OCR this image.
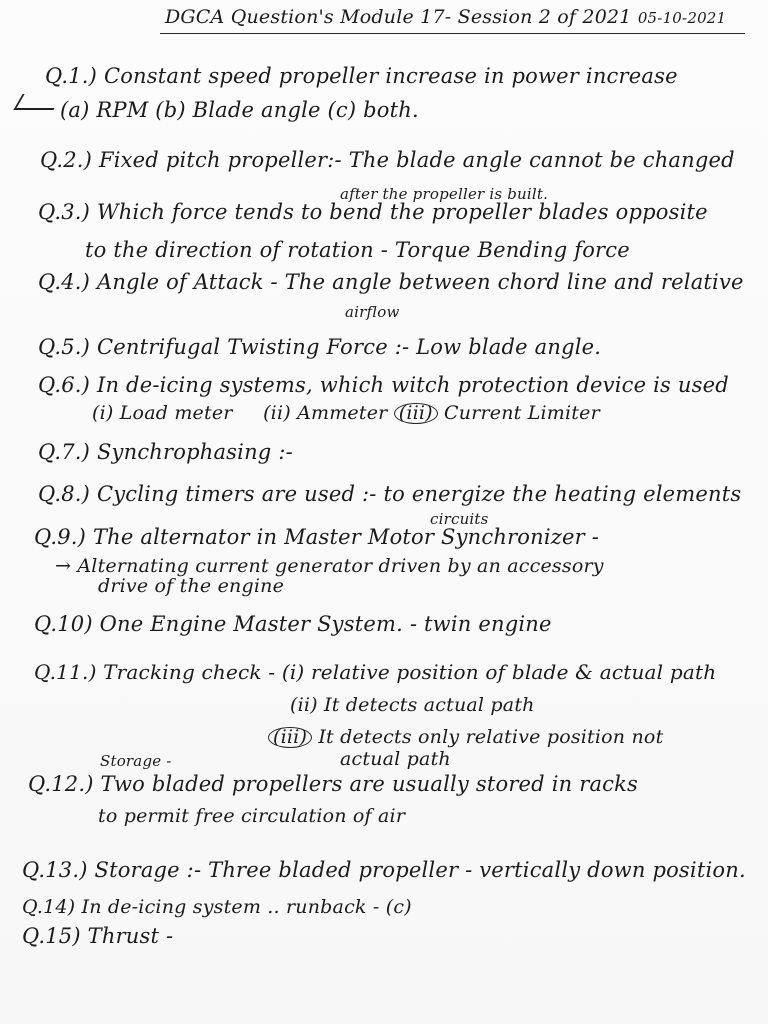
DGCA Question's Module 17- Session 2 of 2021 05-10-2021
Q.1.) Constant speed propeller increase in power increase
(a) RPM (b) Blade angle (c) both.
Q.2.) Fixed pitch propeller:- The blade angle cannot be changed
after the propeller is built.
Q.3.) Which force tends to bend the propeller blades opposite
to the direction of rotation - Torque Bending force
Q.4.) Angle of Attack - The angle between chord line and relative
airflow
Q.5.) Centrifugal Twisting Force :- Low blade angle.
Q.6.) In de-icing systems, which witch protection device is used
(i) Load meter (ii) Ammeter (iii) Current Limiter
Q.7.) Synchrophasing :-
Q.8.) Cycling timers are used :- to energize the heating elements
circuits
Q.9.) The alternator in Master Motor Synchronizer -
→ Alternating current generator driven by an accessory
drive of the engine
Q.10) One Engine Master System. - twin engine
Q.11.) Tracking check - (i) relative position of blade & actual path
(ii) It detects actual path
(iii) It detects only relative position not
actual path
Storage -
Q.12.) Two bladed propellers are usually stored in racks
to permit free circulation of air
Q.13.) Storage :- Three bladed propeller - vertically down position.
Q.14) In de-icing system .. runback - (c)
Q.15) Thrust -
